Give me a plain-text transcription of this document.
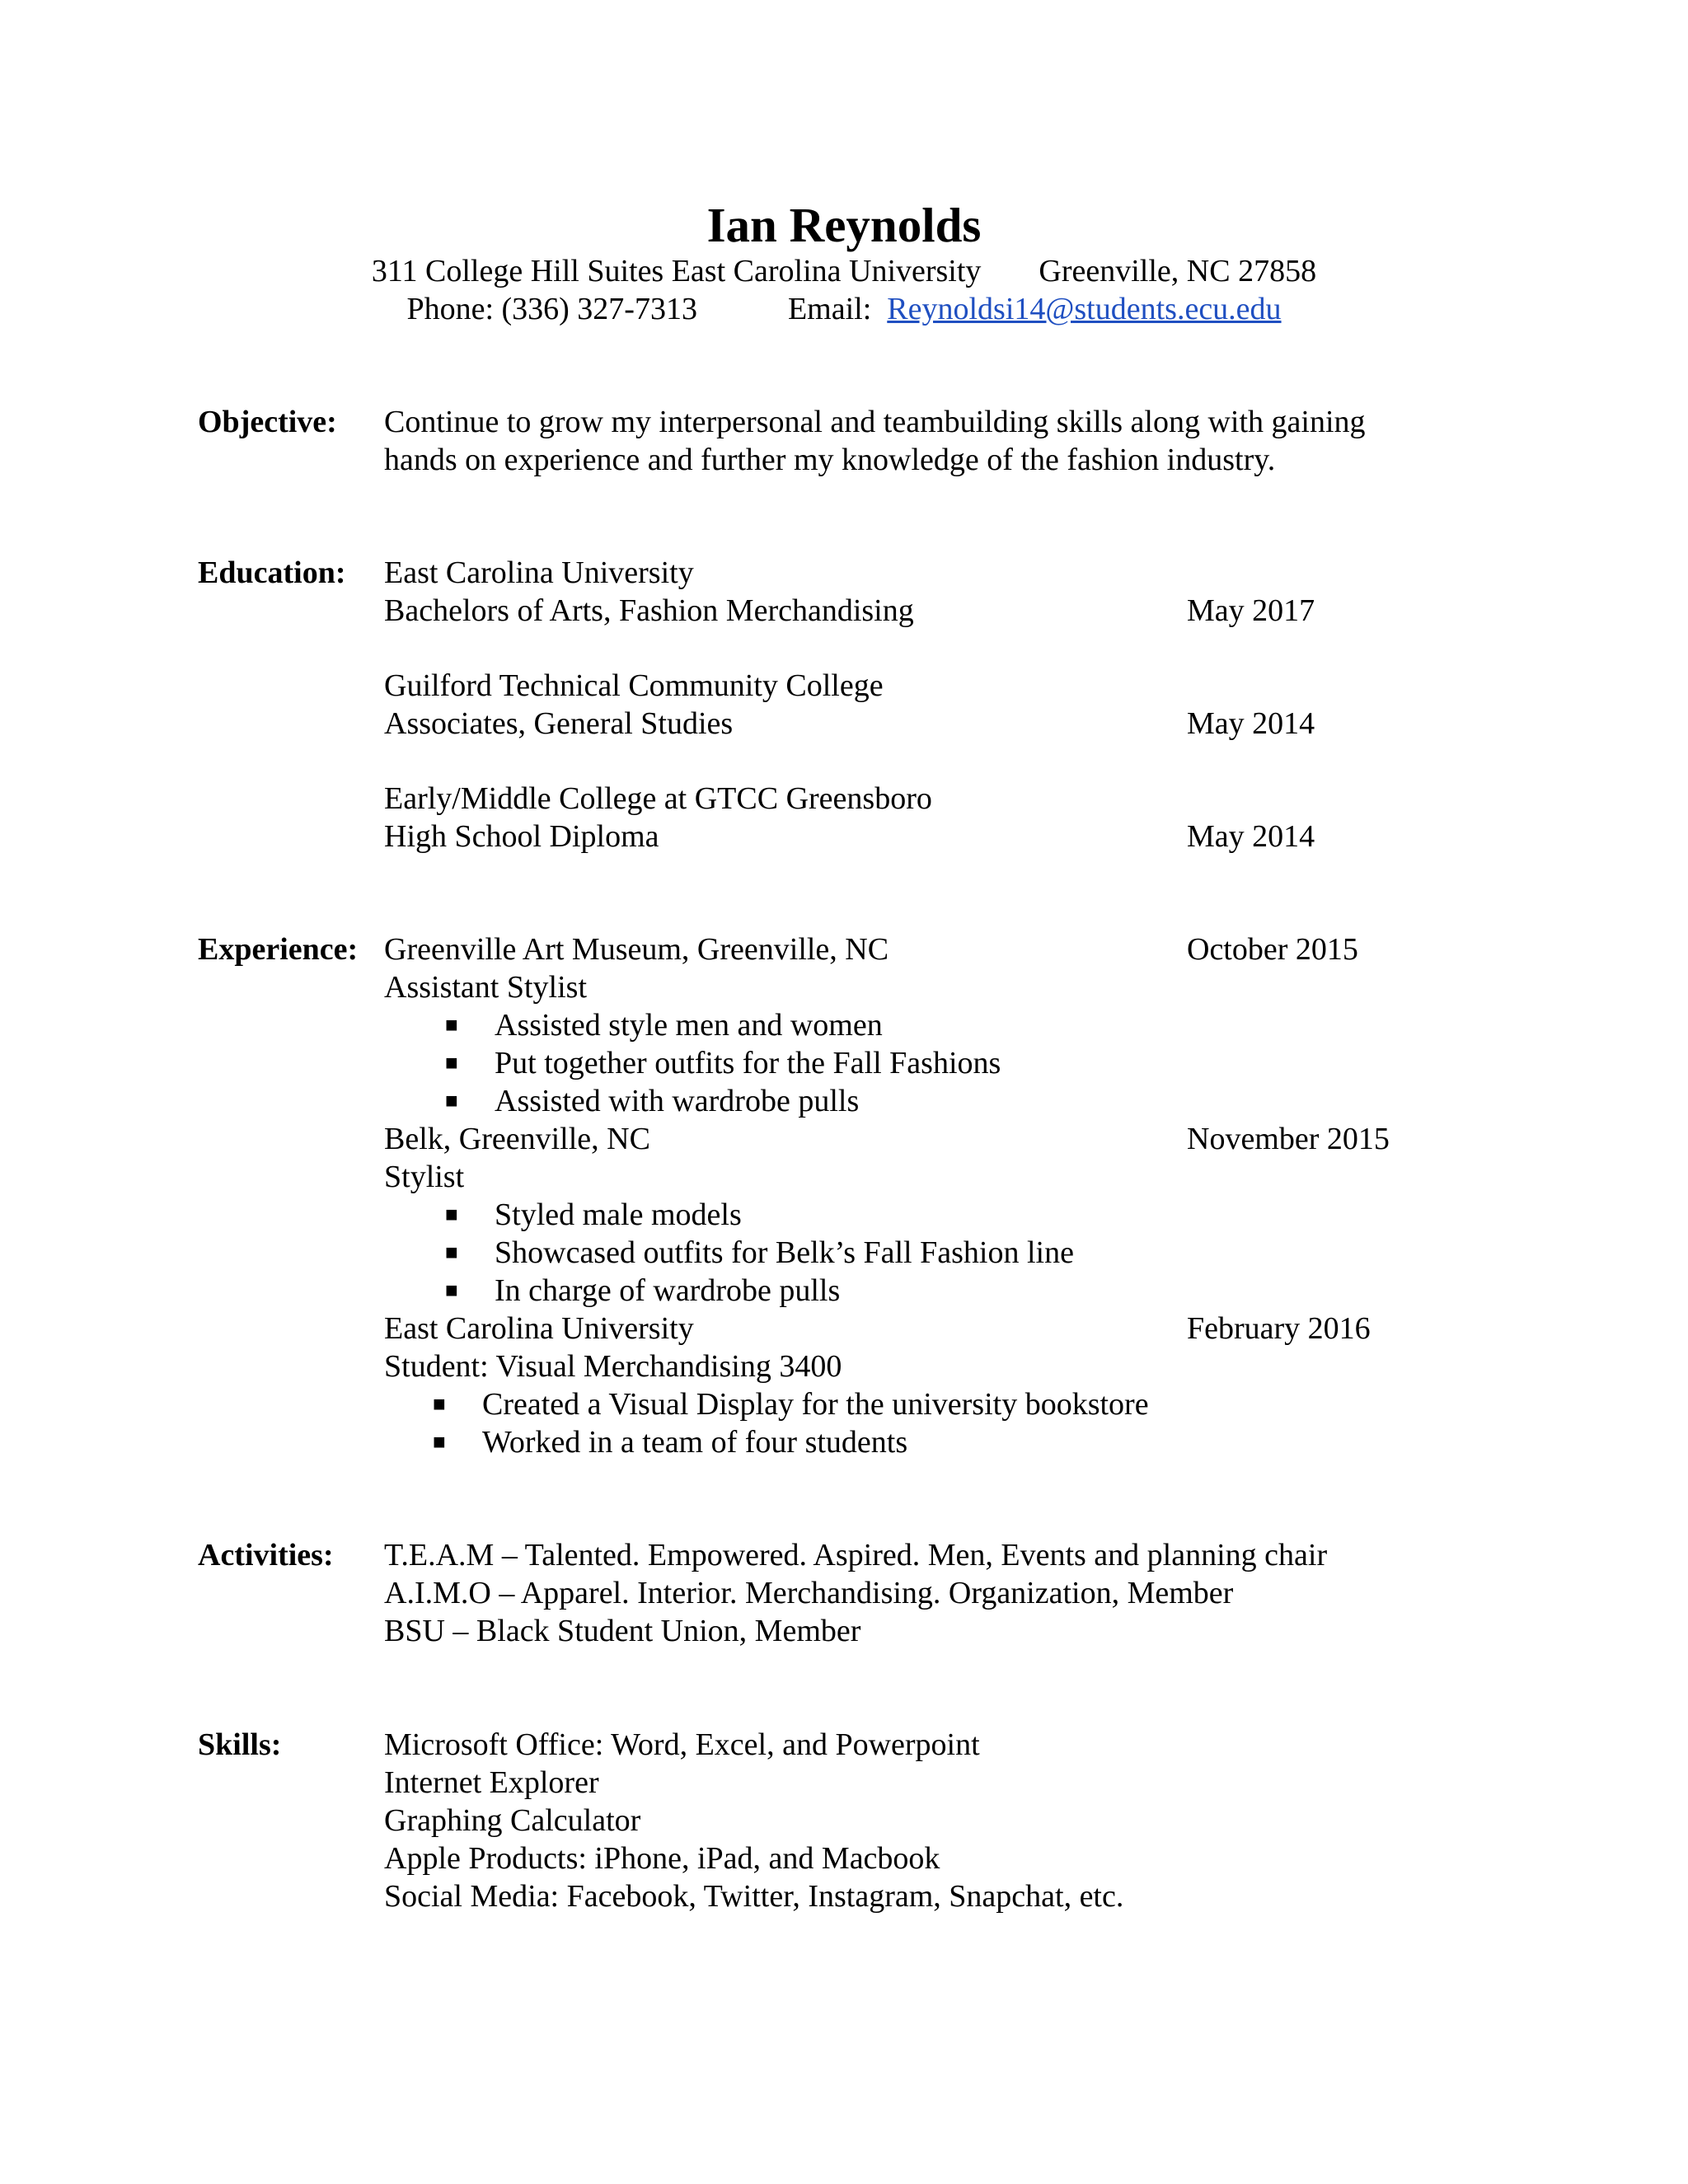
Ian Reynolds
311 College Hill Suites East Carolina University Greenville, NC 27858
Phone: (336) 327-7313	Email: Reynoldsi14@students.ecu.edu
Objective: Continue to grow my interpersonal and teambuilding skills along with gaining
hands on experience and further my knowledge of the fashion industry.
Education: East Carolina University
Bachelors of Arts, Fashion Merchandising	May 2017
Guilford Technical Community College
Associates, General Studies	May 2014
Early/Middle College at GTCC Greensboro
High School Diploma	May 2014
Experience: Greenville Art Museum, Greenville, NC	October 2015
Assistant Stylist
■ Assisted style men and women
■ Put together outfits for the Fall Fashions
■ Assisted with wardrobe pulls
Belk, Greenville, NC	November 2015
Stylist
■ Styled male models
■ Showcased outfits for Belk’s Fall Fashion line
■ In charge of wardrobe pulls
East Carolina University	February 2016
Student: Visual Merchandising 3400
■ Created a Visual Display for the university bookstore
■ Worked in a team of four students
Activities: T.E.A.M – Talented. Empowered. Aspired. Men, Events and planning chair
A.I.M.O – Apparel. Interior. Merchandising. Organization, Member
BSU – Black Student Union, Member
Skills:	Microsoft Office: Word, Excel, and Powerpoint
Internet Explorer
Graphing Calculator
Apple Products: iPhone, iPad, and Macbook
Social Media: Facebook, Twitter, Instagram, Snapchat, etc.
